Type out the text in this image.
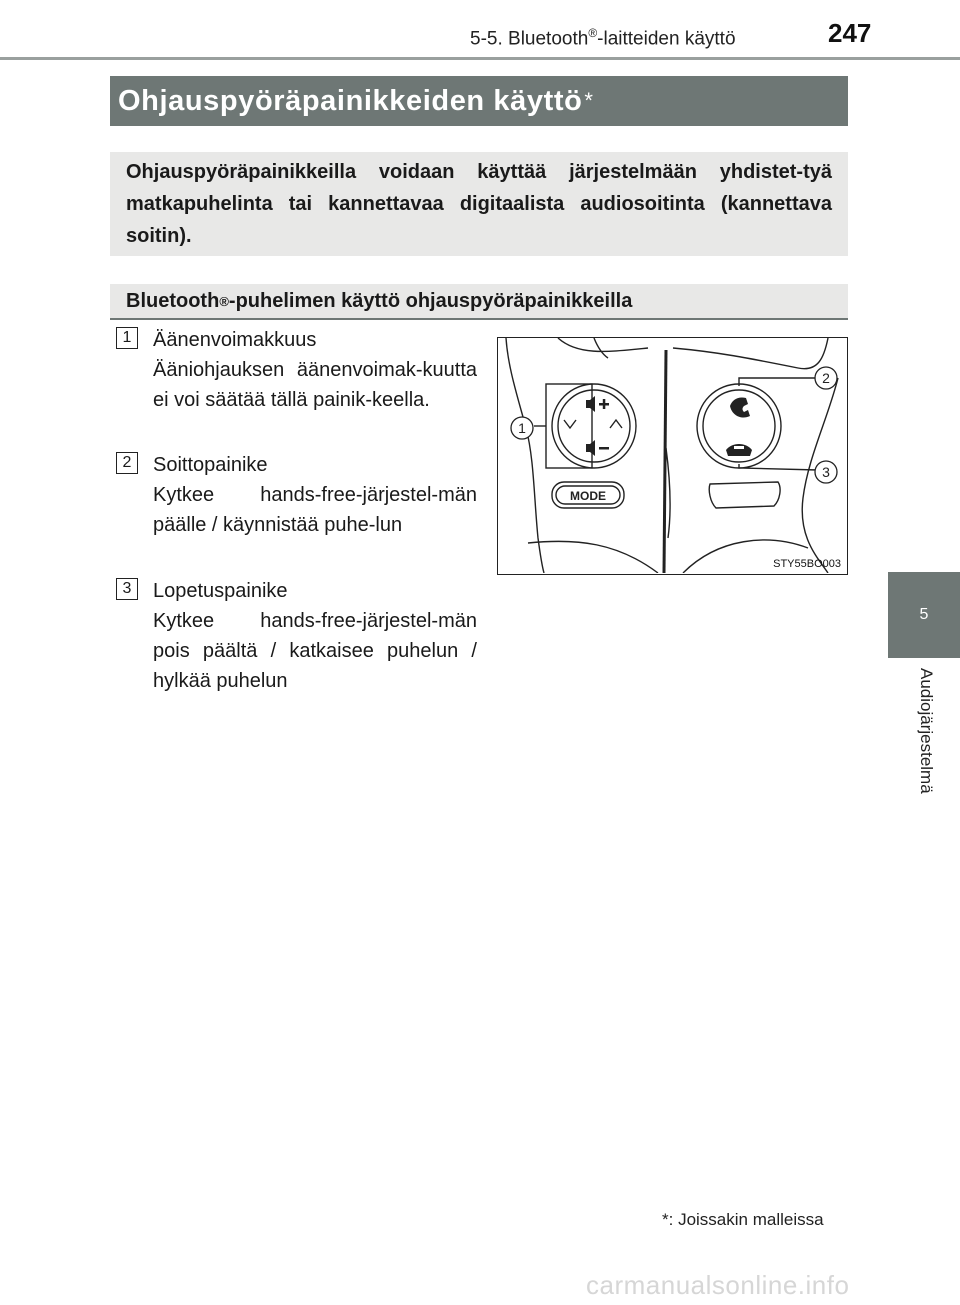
5-5. Bluetooth®-laitteiden käyttö	247
5
Audiojärjestelmä
Ohjauspyöräpainikkeiden käyttö *
Ohjauspyöräpainikkeilla voidaan käyttää järjestelmään yhdistet-tyä matkapuhelinta tai kannettavaa digitaalista audiosoitinta (kannettava soitin).
Bluetooth ® -puhelimen käyttö ohjauspyöräpainikkeilla
1	Äänenvoimakkuus
Ääniohjauksen äänenvoimak-kuutta ei voi säätää tällä painik-keella.
2	Soittopainike
Kytkee hands-free-järjestel-män päälle / käynnistää puhe-lun
3	Lopetuspainike
Kytkee hands-free-järjestel-män pois päältä / katkaisee puhelun / hylkää puhelun
MODE
1
2
3
STY55BO003
*: Joissakin malleissa
carmanualsonline.info
